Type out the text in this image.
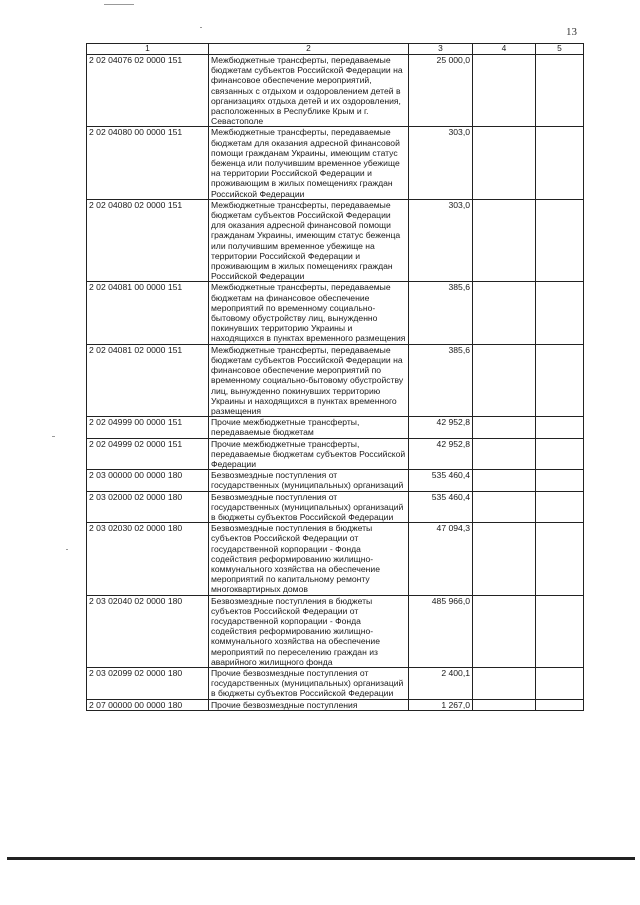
13
1	2	3	4	5
2 02 04076 02 0000 151	Межбюджетные трансферты, передаваемые бюджетам субъектов Российской Федерации на финансовое обеспечение мероприятий, связанных с отдыхом и оздоровлением детей в организациях отдыха детей и их оздоровления, расположенных в Республике Крым и г. Севастополе	25 000,0		
2 02 04080 00 0000 151	Межбюджетные трансферты, передаваемые бюджетам для оказания адресной финансовой помощи гражданам Украины, имеющим статус беженца или получившим временное убежище на территории Российской Федерации и проживающим в жилых помещениях граждан Российской Федерации	303,0		
2 02 04080 02 0000 151	Межбюджетные трансферты, передаваемые бюджетам субъектов Российской Федерации для оказания адресной финансовой помощи гражданам Украины, имеющим статус беженца или получившим временное убежище на территории Российской Федерации и проживающим в жилых помещениях граждан Российской Федерации	303,0		
2 02 04081 00 0000 151	Межбюджетные трансферты, передаваемые бюджетам на финансовое обеспечение мероприятий по временному социально-бытовому обустройству лиц, вынужденно покинувших территорию Украины и находящихся в пунктах временного размещения	385,6		
2 02 04081 02 0000 151	Межбюджетные трансферты, передаваемые бюджетам субъектов Российской Федерации на финансовое обеспечение мероприятий по временному социально-бытовому обустройству лиц, вынужденно покинувших территорию Украины и находящихся в пунктах временного размещения	385,6		
2 02 04999 00 0000 151	Прочие межбюджетные трансферты, передаваемые бюджетам	42 952,8		
2 02 04999 02 0000 151	Прочие межбюджетные трансферты, передаваемые бюджетам субъектов Российской Федерации	42 952,8		
2 03 00000 00 0000 180	Безвозмездные поступления от государственных (муниципальных) организаций	535 460,4		
2 03 02000 02 0000 180	Безвозмездные поступления от государственных (муниципальных) организаций в бюджеты субъектов Российской Федерации	535 460,4		
2 03 02030 02 0000 180	Безвозмездные поступления в бюджеты субъектов Российской Федерации от государственной корпорации - Фонда содействия реформированию жилищно-коммунального хозяйства на обеспечение мероприятий по капитальному ремонту многоквартирных домов	47 094,3		
2 03 02040 02 0000 180	Безвозмездные поступления в бюджеты субъектов Российской Федерации от государственной корпорации - Фонда содействия реформированию жилищно-коммунального хозяйства на обеспечение мероприятий по переселению граждан из аварийного жилищного фонда	485 966,0		
2 03 02099 02 0000 180	Прочие безвозмездные поступления от государственных (муниципальных) организаций в бюджеты субъектов Российской Федерации	2 400,1		
2 07 00000 00 0000 180	Прочие безвозмездные поступления	1 267,0		
